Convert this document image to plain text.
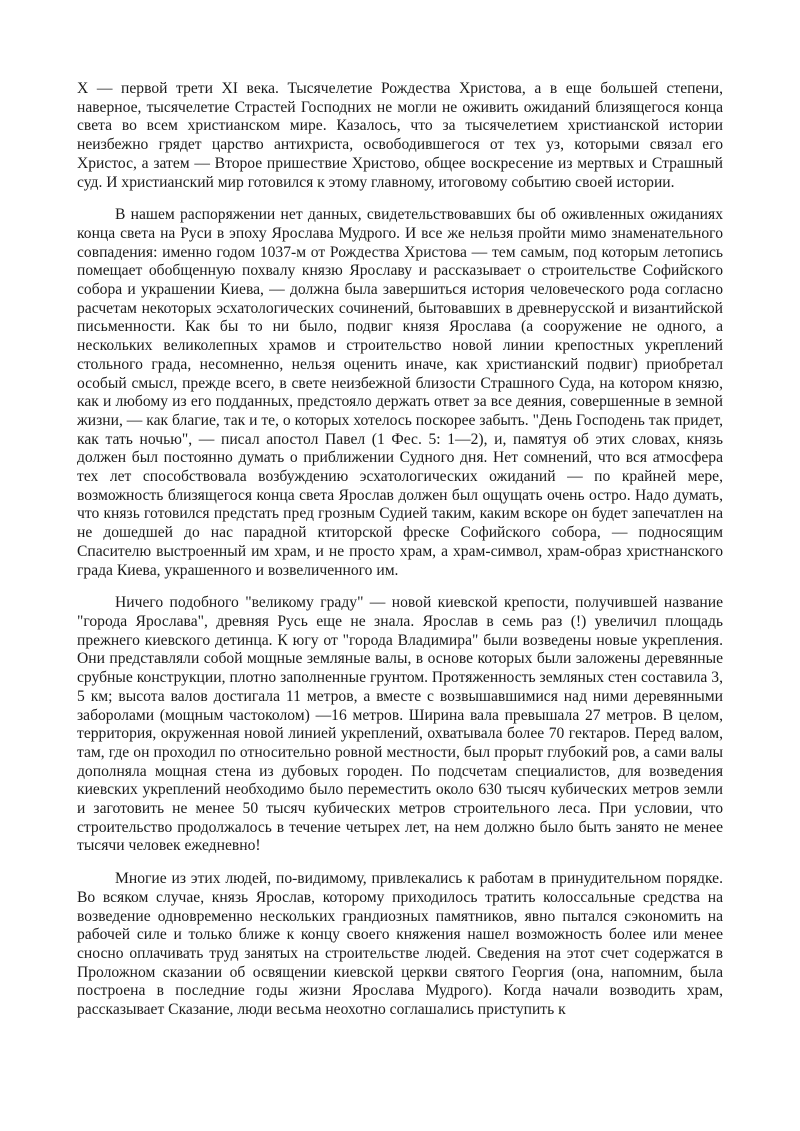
X — первой трети XI века. Тысячелетие Рождества Христова, а в еще большей степени, наверное, тысячелетие Страстей Господних не могли не оживить ожиданий близящегося конца света во всем христианском мире. Казалось, что за тысячелетием христианской истории неизбежно грядет царство антихриста, освободившегося от тех уз, которыми связал его Христос, а затем — Второе пришествие Христово, общее воскресение из мертвых и Страшный суд. И христианский мир готовился к этому главному, итоговому событию своей истории.

В нашем распоряжении нет данных, свидетельствовавших бы об оживленных ожиданиях конца света на Руси в эпоху Ярослава Мудрого. И все же нельзя пройти мимо знаменательного совпадения: именно годом 1037-м от Рождества Христова — тем самым, под которым летопись помещает обобщенную похвалу князю Ярославу и рассказывает о строительстве Софийского собора и украшении Киева, — должна была завершиться история человеческого рода согласно расчетам некоторых эсхатологических сочинений, бытовавших в древнерусской и византийской письменности. Как бы то ни было, подвиг князя Ярослава (а сооружение не одного, а нескольких великолепных храмов и строительство новой линии крепостных укреплений стольного града, несомненно, нельзя оценить иначе, как христианский подвиг) приобретал особый смысл, прежде всего, в свете неизбежной близости Страшного Суда, на котором князю, как и любому из его подданных, предстояло держать ответ за все деяния, совершенные в земной жизни, — как благие, так и те, о которых хотелось поскорее забыть. "День Господень так придет, как тать ночью", — писал апостол Павел (1 Фес. 5: 1—2), и, памятуя об этих словах, князь должен был постоянно думать о приближении Судного дня. Нет сомнений, что вся атмосфера тех лет способствовала возбуждению эсхатологических ожиданий — по крайней мере, возможность близящегося конца света Ярослав должен был ощущать очень остро. Надо думать, что князь готовился предстать пред грозным Судией таким, каким вскоре он будет запечатлен на не дошедшей до нас парадной ктиторской фреске Софийского собора, — подносящим Спасителю выстроенный им храм, и не просто храм, а храм-символ, храм-образ христнанского града Киева, украшенного и возвеличенного им.

Ничего подобного "великому граду" — новой киевской крепости, получившей название "города Ярослава", древняя Русь еще не знала. Ярослав в семь раз (!) увеличил площадь прежнего киевского детинца. К югу от "города Владимира" были возведены новые укрепления. Они представляли собой мощные земляные валы, в основе которых были заложены деревянные срубные конструкции, плотно заполненные грунтом. Протяженность земляных стен составила 3, 5 км; высота валов достигала 11 метров, а вместе с возвышавшимися над ними деревянными заборолами (мощным частоколом) —16 метров. Ширина вала превышала 27 метров. В целом, территория, окруженная новой линией укреплений, охватывала более 70 гектаров. Перед валом, там, где он проходил по относительно ровной местности, был прорыт глубокий ров, а сами валы дополняла мощная стена из дубовых городен. По подсчетам специалистов, для возведения киевских укреплений необходимо было переместить около 630 тысяч кубических метров земли и заготовить не менее 50 тысяч кубических метров строительного леса. При условии, что строительство продолжалось в течение четырех лет, на нем должно было быть занято не менее тысячи человек ежедневно!

Многие из этих людей, по-видимому, привлекались к работам в принудительном порядке. Во всяком случае, князь Ярослав, которому приходилось тратить колоссальные средства на возведение одновременно нескольких грандиозных памятников, явно пытался сэкономить на рабочей силе и только ближе к концу своего княжения нашел возможность более или менее сносно оплачивать труд занятых на строительстве людей. Сведения на этот счет содержатся в Проложном сказании об освящении киевской церкви святого Георгия (она, напомним, была построена в последние годы жизни Ярослава Мудрого). Когда начали возводить храм, рассказывает Сказание, люди весьма неохотно соглашались приступить к
